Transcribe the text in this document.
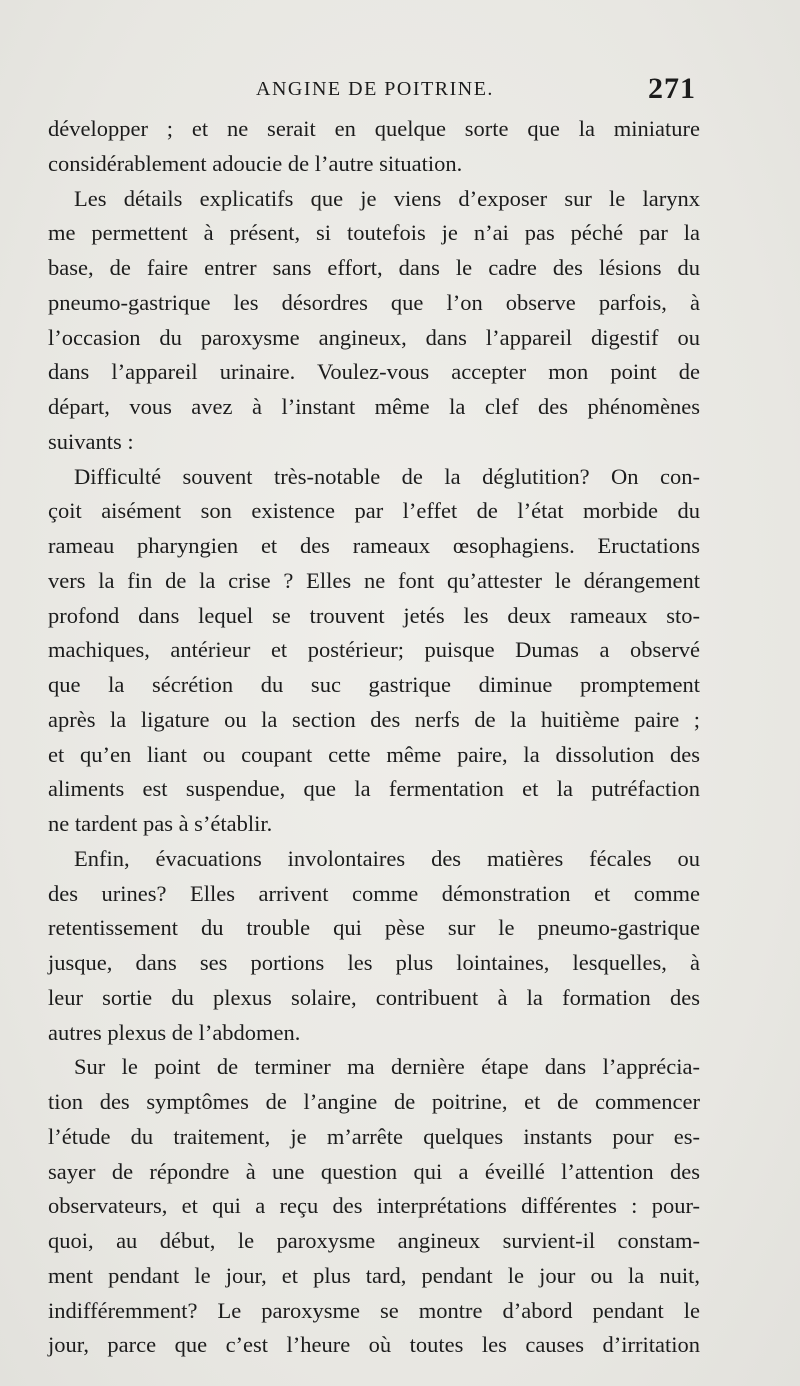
ANGINE DE POITRINE.	271
développer ; et ne serait en quelque sorte que la miniature
considérablement adoucie de l’autre situation.
Les détails explicatifs que je viens d’exposer sur le larynx
me permettent à présent, si toutefois je n’ai pas péché par la
base, de faire entrer sans effort, dans le cadre des lésions du
pneumo-gastrique les désordres que l’on observe parfois, à
l’occasion du paroxysme angineux, dans l’appareil digestif ou
dans l’appareil urinaire. Voulez-vous accepter mon point de
départ, vous avez à l’instant même la clef des phénomènes
suivants :
Difficulté souvent très-notable de la déglutition? On con-
çoit aisément son existence par l’effet de l’état morbide du
rameau pharyngien et des rameaux œsophagiens. Eructations
vers la fin de la crise ? Elles ne font qu’attester le dérangement
profond dans lequel se trouvent jetés les deux rameaux sto-
machiques, antérieur et postérieur; puisque Dumas a observé
que la sécrétion du suc gastrique diminue promptement
après la ligature ou la section des nerfs de la huitième paire ;
et qu’en liant ou coupant cette même paire, la dissolution des
aliments est suspendue, que la fermentation et la putréfaction
ne tardent pas à s’établir.
Enfin, évacuations involontaires des matières fécales ou
des urines? Elles arrivent comme démonstration et comme
retentissement du trouble qui pèse sur le pneumo-gastrique
jusque, dans ses portions les plus lointaines, lesquelles, à
leur sortie du plexus solaire, contribuent à la formation des
autres plexus de l’abdomen.
Sur le point de terminer ma dernière étape dans l’apprécia-
tion des symptômes de l’angine de poitrine, et de commencer
l’étude du traitement, je m’arrête quelques instants pour es-
sayer de répondre à une question qui a éveillé l’attention des
observateurs, et qui a reçu des interprétations différentes : pour-
quoi, au début, le paroxysme angineux survient-il constam-
ment pendant le jour, et plus tard, pendant le jour ou la nuit,
indifféremment? Le paroxysme se montre d’abord pendant le
jour, parce que c’est l’heure où toutes les causes d’irritation
